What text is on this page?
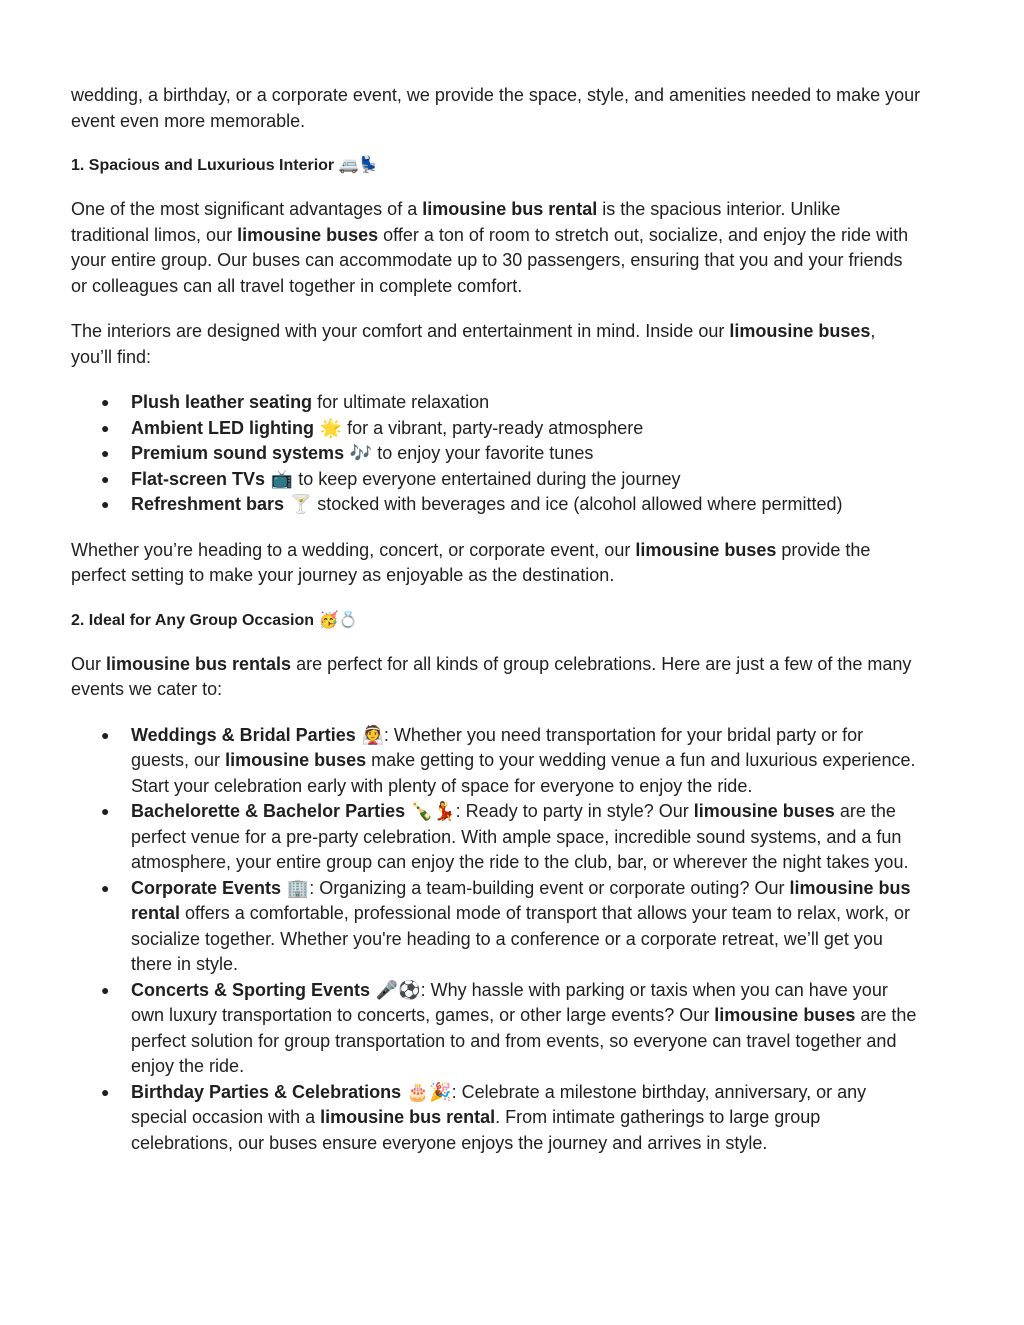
wedding, a birthday, or a corporate event, we provide the space, style, and amenities needed to make your event even more memorable.

1. Spacious and Luxurious Interior 🚐💺

One of the most significant advantages of a limousine bus rental is the spacious interior. Unlike traditional limos, our limousine buses offer a ton of room to stretch out, socialize, and enjoy the ride with your entire group. Our buses can accommodate up to 30 passengers, ensuring that you and your friends or colleagues can all travel together in complete comfort.

The interiors are designed with your comfort and entertainment in mind. Inside our limousine buses, you’ll find:

● Plush leather seating for ultimate relaxation
● Ambient LED lighting 🌟 for a vibrant, party-ready atmosphere
● Premium sound systems 🎶 to enjoy your favorite tunes
● Flat-screen TVs 📺 to keep everyone entertained during the journey
● Refreshment bars 🍸 stocked with beverages and ice (alcohol allowed where permitted)

Whether you’re heading to a wedding, concert, or corporate event, our limousine buses provide the perfect setting to make your journey as enjoyable as the destination.

2. Ideal for Any Group Occasion 🥳💍

Our limousine bus rentals are perfect for all kinds of group celebrations. Here are just a few of the many events we cater to:

● Weddings & Bridal Parties 👰: Whether you need transportation for your bridal party or for guests, our limousine buses make getting to your wedding venue a fun and luxurious experience. Start your celebration early with plenty of space for everyone to enjoy the ride.
● Bachelorette & Bachelor Parties 🍾💃: Ready to party in style? Our limousine buses are the perfect venue for a pre-party celebration. With ample space, incredible sound systems, and a fun atmosphere, your entire group can enjoy the ride to the club, bar, or wherever the night takes you.
● Corporate Events 🏢: Organizing a team-building event or corporate outing? Our limousine bus rental offers a comfortable, professional mode of transport that allows your team to relax, work, or socialize together. Whether you're heading to a conference or a corporate retreat, we’ll get you there in style.
● Concerts & Sporting Events 🎤⚽: Why hassle with parking or taxis when you can have your own luxury transportation to concerts, games, or other large events? Our limousine buses are the perfect solution for group transportation to and from events, so everyone can travel together and enjoy the ride.
● Birthday Parties & Celebrations 🎂🎉: Celebrate a milestone birthday, anniversary, or any special occasion with a limousine bus rental. From intimate gatherings to large group celebrations, our buses ensure everyone enjoys the journey and arrives in style.
